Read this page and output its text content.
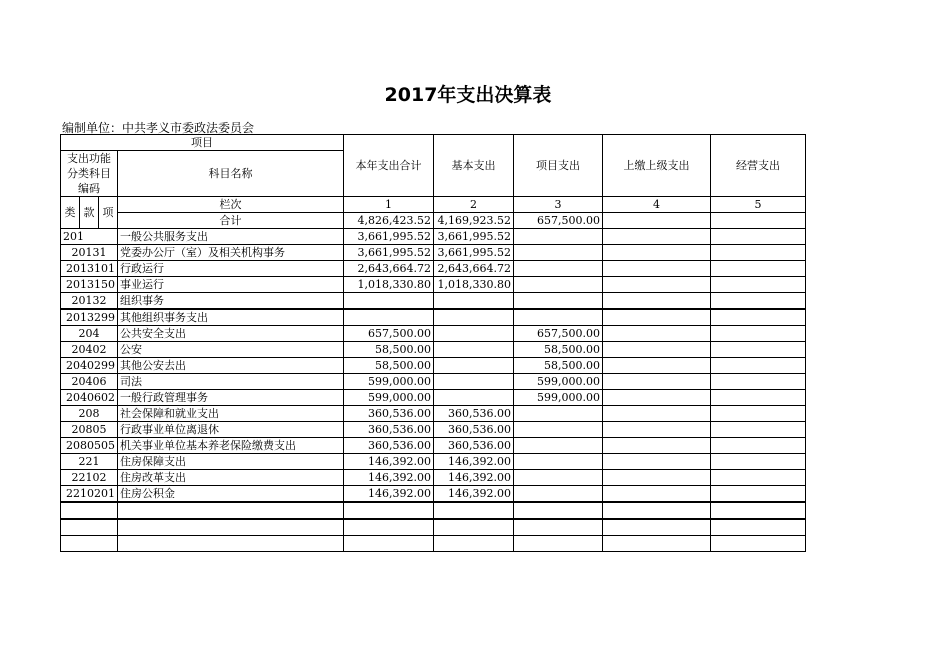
2017年支出决算表
编制单位：中共孝义市委政法委员会
项目				本年支出合计	基本支出	项目支出	上缴上级支出	经营支出
支出功能分类科目编码			科目名称					
类	款	项	栏次	1	2	3	4	5
			合计	4,826,423.52	4,169,923.52	657,500.00		
201			一般公共服务支出	3,661,995.52	3,661,995.52			
20131			党委办公厅（室）及相关机构事务	3,661,995.52	3,661,995.52			
2013101			行政运行	2,643,664.72	2,643,664.72			
2013150			事业运行	1,018,330.80	1,018,330.80			
20132			组织事务					
2013299			其他组织事务支出					
204			公共安全支出	657,500.00		657,500.00		
20402			公安	58,500.00		58,500.00		
2040299			其他公安去出	58,500.00		58,500.00		
20406			司法	599,000.00		599,000.00		
2040602			一般行政管理事务	599,000.00		599,000.00		
208			社会保障和就业支出	360,536.00	360,536.00			
20805			行政事业单位离退休	360,536.00	360,536.00			
2080505			机关事业单位基本养老保险缴费支出	360,536.00	360,536.00			
221			住房保障支出	146,392.00	146,392.00			
22102			住房改革支出	146,392.00	146,392.00			
2210201			住房公积金	146,392.00	146,392.00			
